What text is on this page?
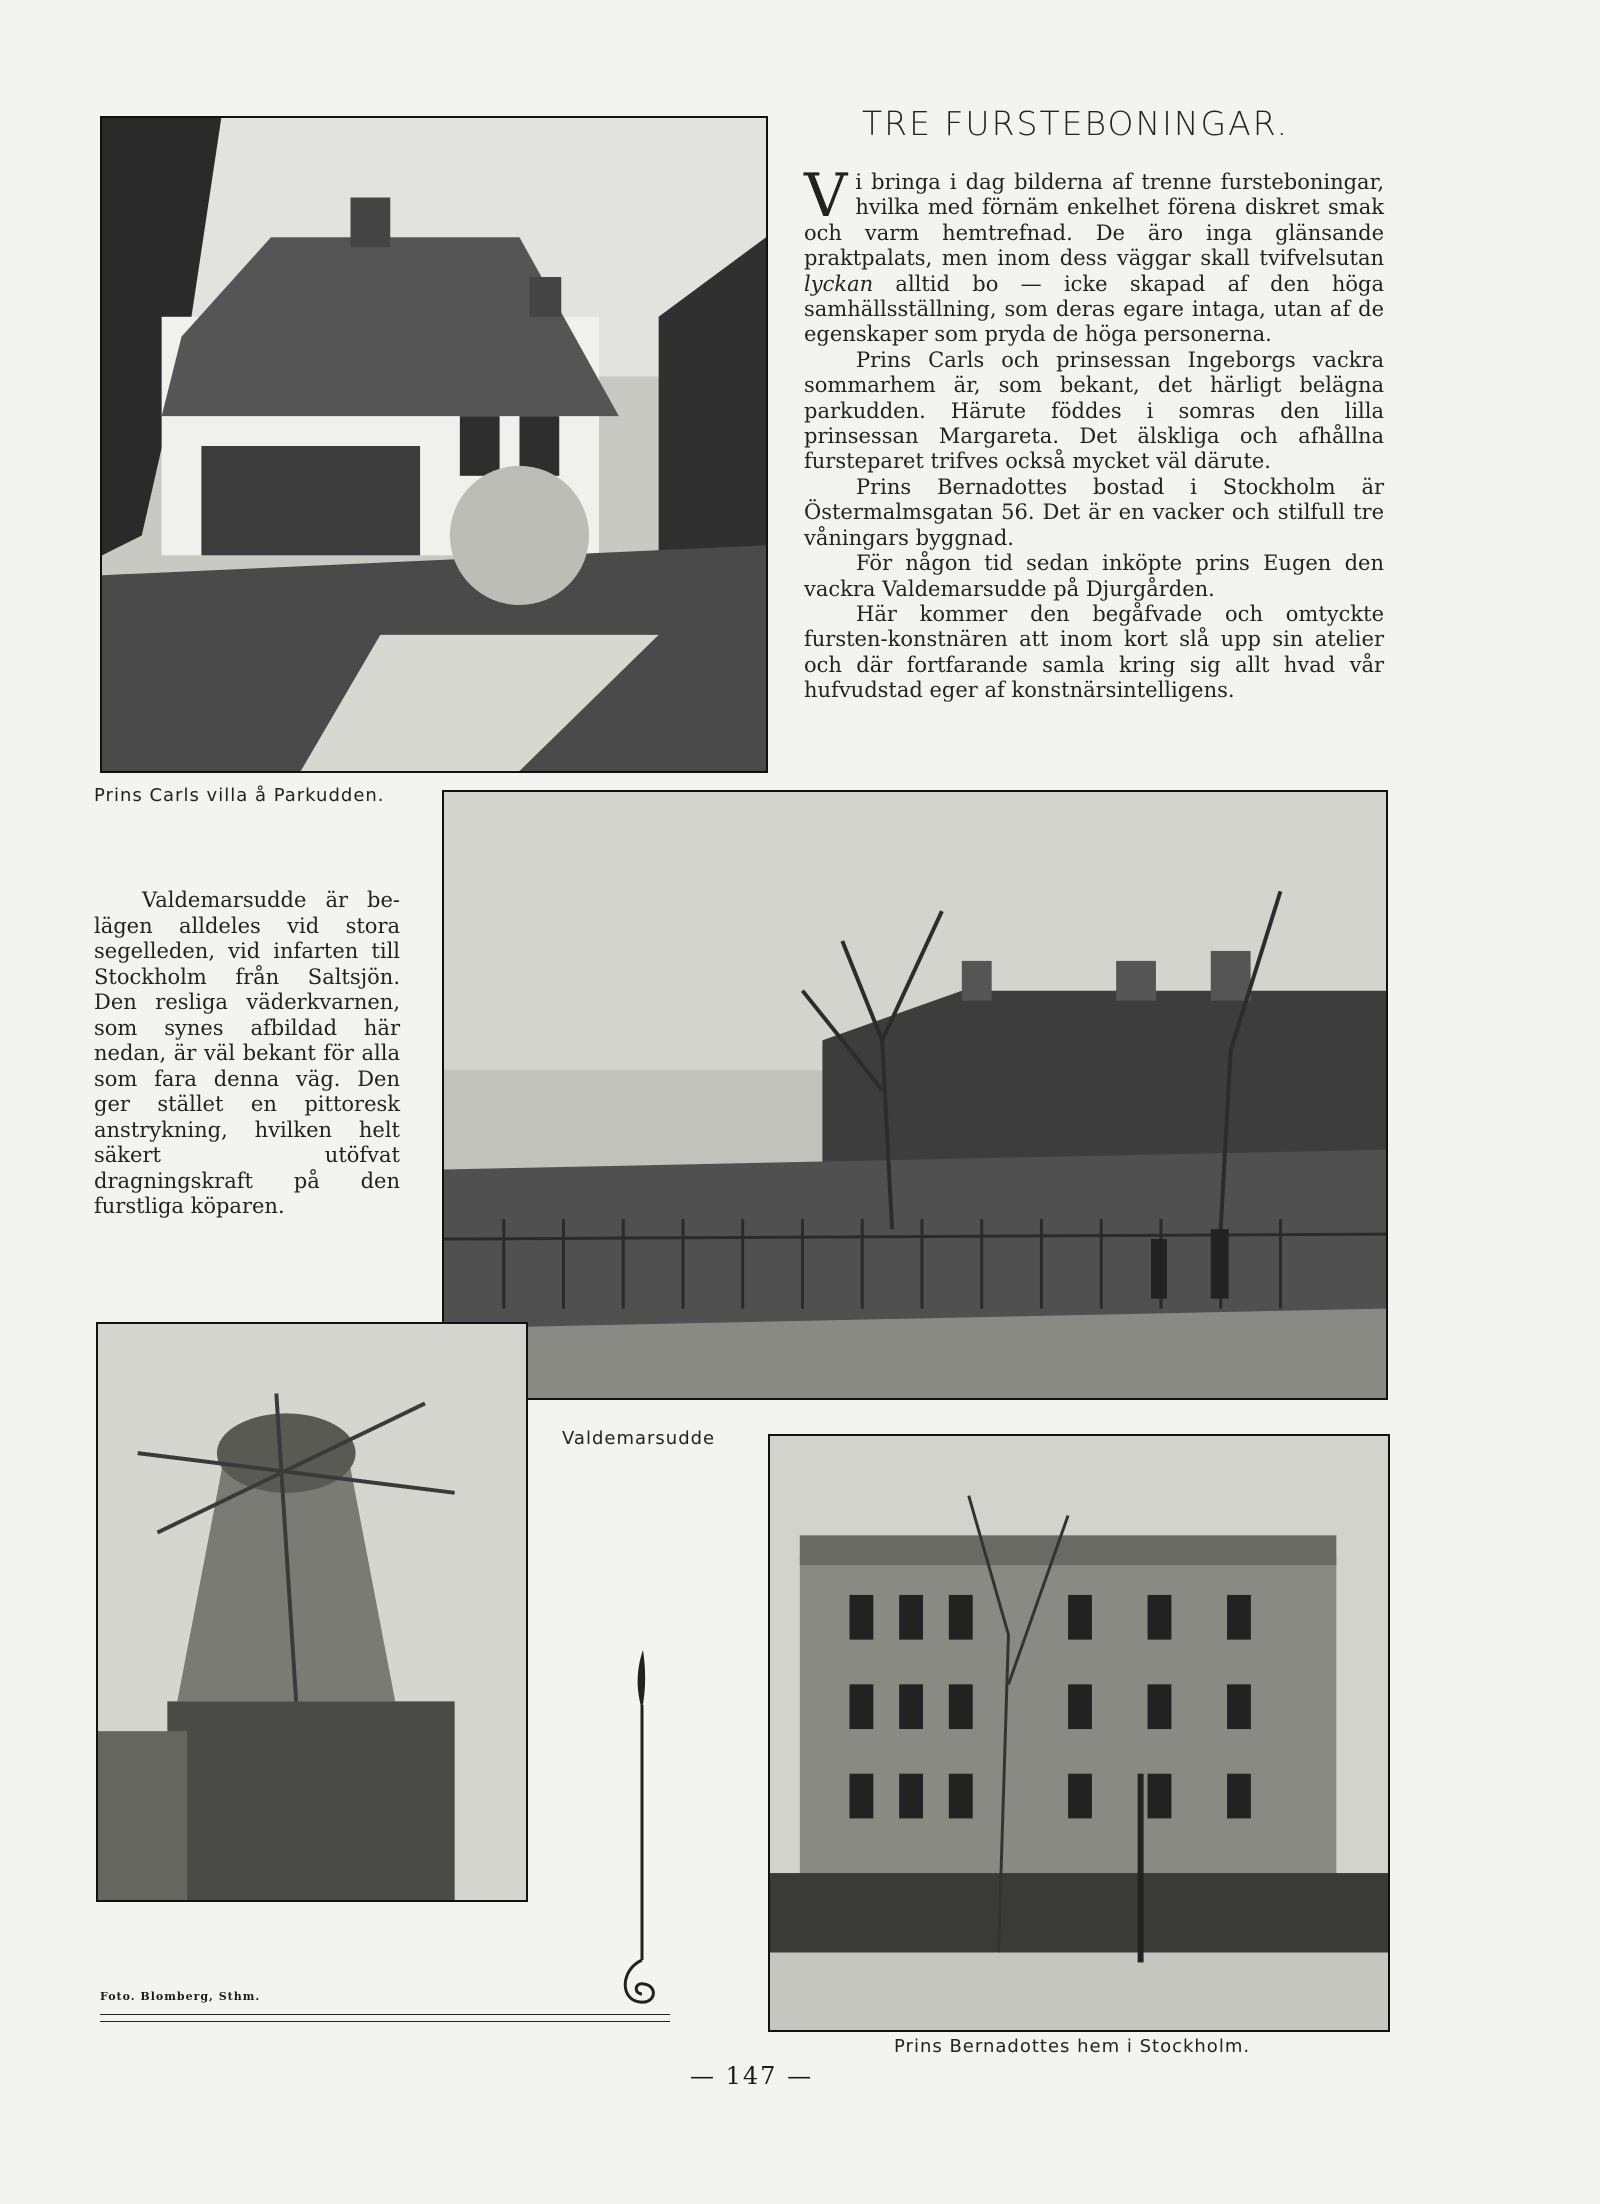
TRE FURSTEBONINGAR.
Prins Carls villa å Parkudden.

Vi bringa i dag bilderna af trenne fursteboningar, hvilka med förnäm enkelhet förena diskret smak och varm hemtrefnad. De äro inga glänsande praktpalats, men inom dess väggar skall tvifvelsutan lyckan alltid bo — icke skapad af den höga samhällsställning, som deras egare intaga, utan af de egenskaper som pryda de höga personerna.

Prins Carls och prinsessan Ingeborgs vackra sommarhem är, som bekant, det härligt belägna parkudden. Härute föddes i somras den lilla prinsessan Margareta. Det älskliga och afhållna fursteparet trifves också mycket väl därute.

Prins Bernadottes bostad i Stockholm är Östermalmsgatan 56. Det är en vacker och stilfull tre våningars byggnad.

För någon tid sedan inköpte prins Eugen den vackra Valdemarsudde på Djurgården.

Här kommer den begåfvade och omtyckte fursten-konstnären att inom kort slå upp sin atelier och där fortfarande samla kring sig allt hvad vår hufvudstad eger af konstnärsintelligens.

Valdemarsudde
Valdemarsudde är belägen alldeles vid stora segelleden, vid infarten till Stockholm från Saltsjön. Den resliga väderkvarnen, som synes afbildad här nedan, är väl bekant för alla som fara denna väg. Den ger stället en pittoresk anstrykning, hvilken helt säkert utöfvat dragningskraft på den furstliga köparen.
Prins Bernadottes hem i Stockholm.
Foto. Blomberg, Sthm.
— 147 —
